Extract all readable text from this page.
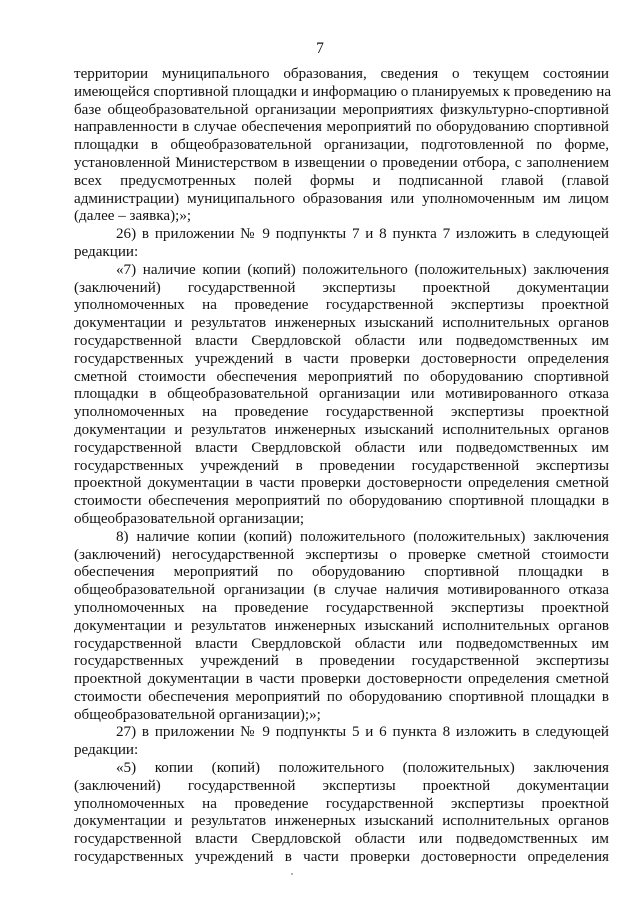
7
территории муниципального образования, сведения о текущем состоянии
имеющейся спортивной площадки и информацию о планируемых к проведению на
базе общеобразовательной организации мероприятиях физкультурно-спортивной
направленности в случае обеспечения мероприятий по оборудованию спортивной
площадки в общеобразовательной организации, подготовленной по форме,
установленной Министерством в извещении о проведении отбора, с заполнением
всех предусмотренных полей формы и подписанной главой (главой
администрации) муниципального образования или уполномоченным им лицом
(далее – заявка);»;
26) в приложении № 9 подпункты 7 и 8 пункта 7 изложить в следующей
редакции:
«7) наличие копии (копий) положительного (положительных) заключения
(заключений) государственной экспертизы проектной документации
уполномоченных на проведение государственной экспертизы проектной
документации и результатов инженерных изысканий исполнительных органов
государственной власти Свердловской области или подведомственных им
государственных учреждений в части проверки достоверности определения
сметной стоимости обеспечения мероприятий по оборудованию спортивной
площадки в общеобразовательной организации или мотивированного отказа
уполномоченных на проведение государственной экспертизы проектной
документации и результатов инженерных изысканий исполнительных органов
государственной власти Свердловской области или подведомственных им
государственных учреждений в проведении государственной экспертизы
проектной документации в части проверки достоверности определения сметной
стоимости обеспечения мероприятий по оборудованию спортивной площадки в
общеобразовательной организации;
8) наличие копии (копий) положительного (положительных) заключения
(заключений) негосударственной экспертизы о проверке сметной стоимости
обеспечения мероприятий по оборудованию спортивной площадки в
общеобразовательной организации (в случае наличия мотивированного отказа
уполномоченных на проведение государственной экспертизы проектной
документации и результатов инженерных изысканий исполнительных органов
государственной власти Свердловской области или подведомственных им
государственных учреждений в проведении государственной экспертизы
проектной документации в части проверки достоверности определения сметной
стоимости обеспечения мероприятий по оборудованию спортивной площадки в
общеобразовательной организации);»;
27) в приложении № 9 подпункты 5 и 6 пункта 8 изложить в следующей
редакции:
«5) копии (копий) положительного (положительных) заключения
(заключений) государственной экспертизы проектной документации
уполномоченных на проведение государственной экспертизы проектной
документации и результатов инженерных изысканий исполнительных органов
государственной власти Свердловской области или подведомственных им
государственных учреждений в части проверки достоверности определения
